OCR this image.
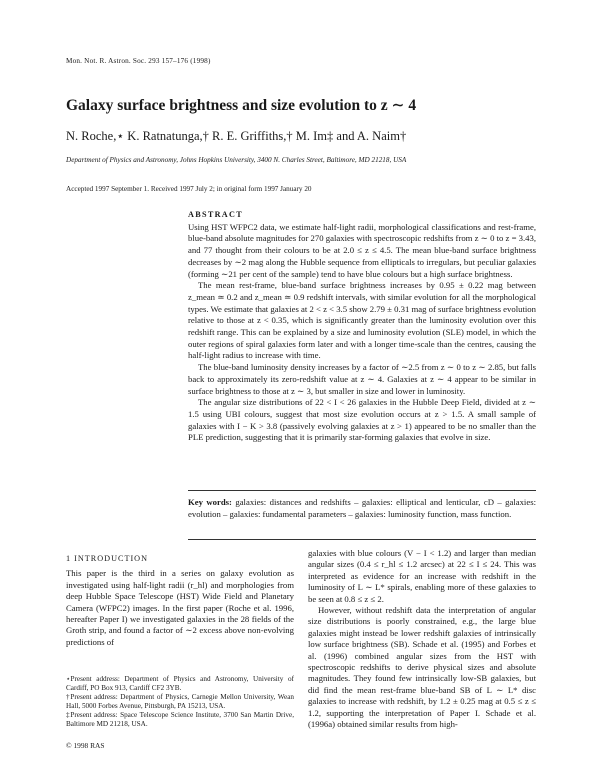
Mon. Not. R. Astron. Soc. 293 157–176 (1998)
Galaxy surface brightness and size evolution to z ∼ 4
N. Roche,⋆ K. Ratnatunga,† R. E. Griffiths,† M. Im‡ and A. Naim†
Department of Physics and Astronomy, Johns Hopkins University, 3400 N. Charles Street, Baltimore, MD 21218, USA
Accepted 1997 September 1. Received 1997 July 2; in original form 1997 January 20
ABSTRACT

Using HST WFPC2 data, we estimate half-light radii, morphological classifications and rest-frame, blue-band absolute magnitudes for 270 galaxies with spectroscopic redshifts from z ∼ 0 to z = 3.43, and 77 thought from their colours to be at 2.0 ≤ z ≤ 4.5. The mean blue-band surface brightness decreases by ∼2 mag along the Hubble sequence from ellipticals to irregulars, but peculiar galaxies (forming ∼21 per cent of the sample) tend to have blue colours but a high surface brightness.

The mean rest-frame, blue-band surface brightness increases by 0.95 ± 0.22 mag between z_mean ≃ 0.2 and z_mean ≃ 0.9 redshift intervals, with similar evolution for all the morphological types. We estimate that galaxies at 2 < z < 3.5 show 2.79 ± 0.31 mag of surface brightness evolution relative to those at z < 0.35, which is significantly greater than the luminosity evolution over this redshift range. This can be explained by a size and luminosity evolution (SLE) model, in which the outer regions of spiral galaxies form later and with a longer time-scale than the centres, causing the half-light radius to increase with time.

The blue-band luminosity density increases by a factor of ∼2.5 from z ∼ 0 to z ∼ 2.85, but falls back to approximately its zero-redshift value at z ∼ 4. Galaxies at z ∼ 4 appear to be similar in surface brightness to those at z ∼ 3, but smaller in size and lower in luminosity.

The angular size distributions of 22 < I < 26 galaxies in the Hubble Deep Field, divided at z ∼ 1.5 using UBI colours, suggest that most size evolution occurs at z > 1.5. A small sample of galaxies with I − K > 3.8 (passively evolving galaxies at z > 1) appeared to be no smaller than the PLE prediction, suggesting that it is primarily star-forming galaxies that evolve in size.

Key words: galaxies: distances and redshifts – galaxies: elliptical and lenticular, cD – galaxies: evolution – galaxies: fundamental parameters – galaxies: luminosity function, mass function.
1 INTRODUCTION

This paper is the third in a series on galaxy evolution as investigated using half-light radii (r_hl) and morphologies from deep Hubble Space Telescope (HST) Wide Field and Planetary Camera (WFPC2) images. In the first paper (Roche et al. 1996, hereafter Paper I) we investigated galaxies in the 28 fields of the Groth strip, and found a factor of ∼2 excess above non-evolving predictions of

galaxies with blue colours (V − I < 1.2) and larger than median angular sizes (0.4 ≤ r_hl ≤ 1.2 arcsec) at 22 ≤ I ≤ 24. This was interpreted as evidence for an increase with redshift in the luminosity of L ∼ L* spirals, enabling more of these galaxies to be seen at 0.8 ≤ z ≤ 2.

However, without redshift data the interpretation of angular size distributions is poorly constrained, e.g., the large blue galaxies might instead be lower redshift galaxies of intrinsically low surface brightness (SB). Schade et al. (1995) and Forbes et al. (1996) combined angular sizes from the HST with spectroscopic redshifts to derive physical sizes and absolute magnitudes. They found few intrinsically low-SB galaxies, but did find the mean rest-frame blue-band SB of L ∼ L* disc galaxies to increase with redshift, by 1.2 ± 0.25 mag at 0.5 ≤ z ≤ 1.2, supporting the interpretation of Paper I. Schade et al. (1996a) obtained similar results from high-

⋆Present address: Department of Physics and Astronomy, University of Cardiff, PO Box 913, Cardiff CF2 3YB.

†Present address: Department of Physics, Carnegie Mellon University, Wean Hall, 5000 Forbes Avenue, Pittsburgh, PA 15213, USA.

‡Present address: Space Telescope Science Institute, 3700 San Martin Drive, Baltimore MD 21218, USA.

© 1998 RAS
